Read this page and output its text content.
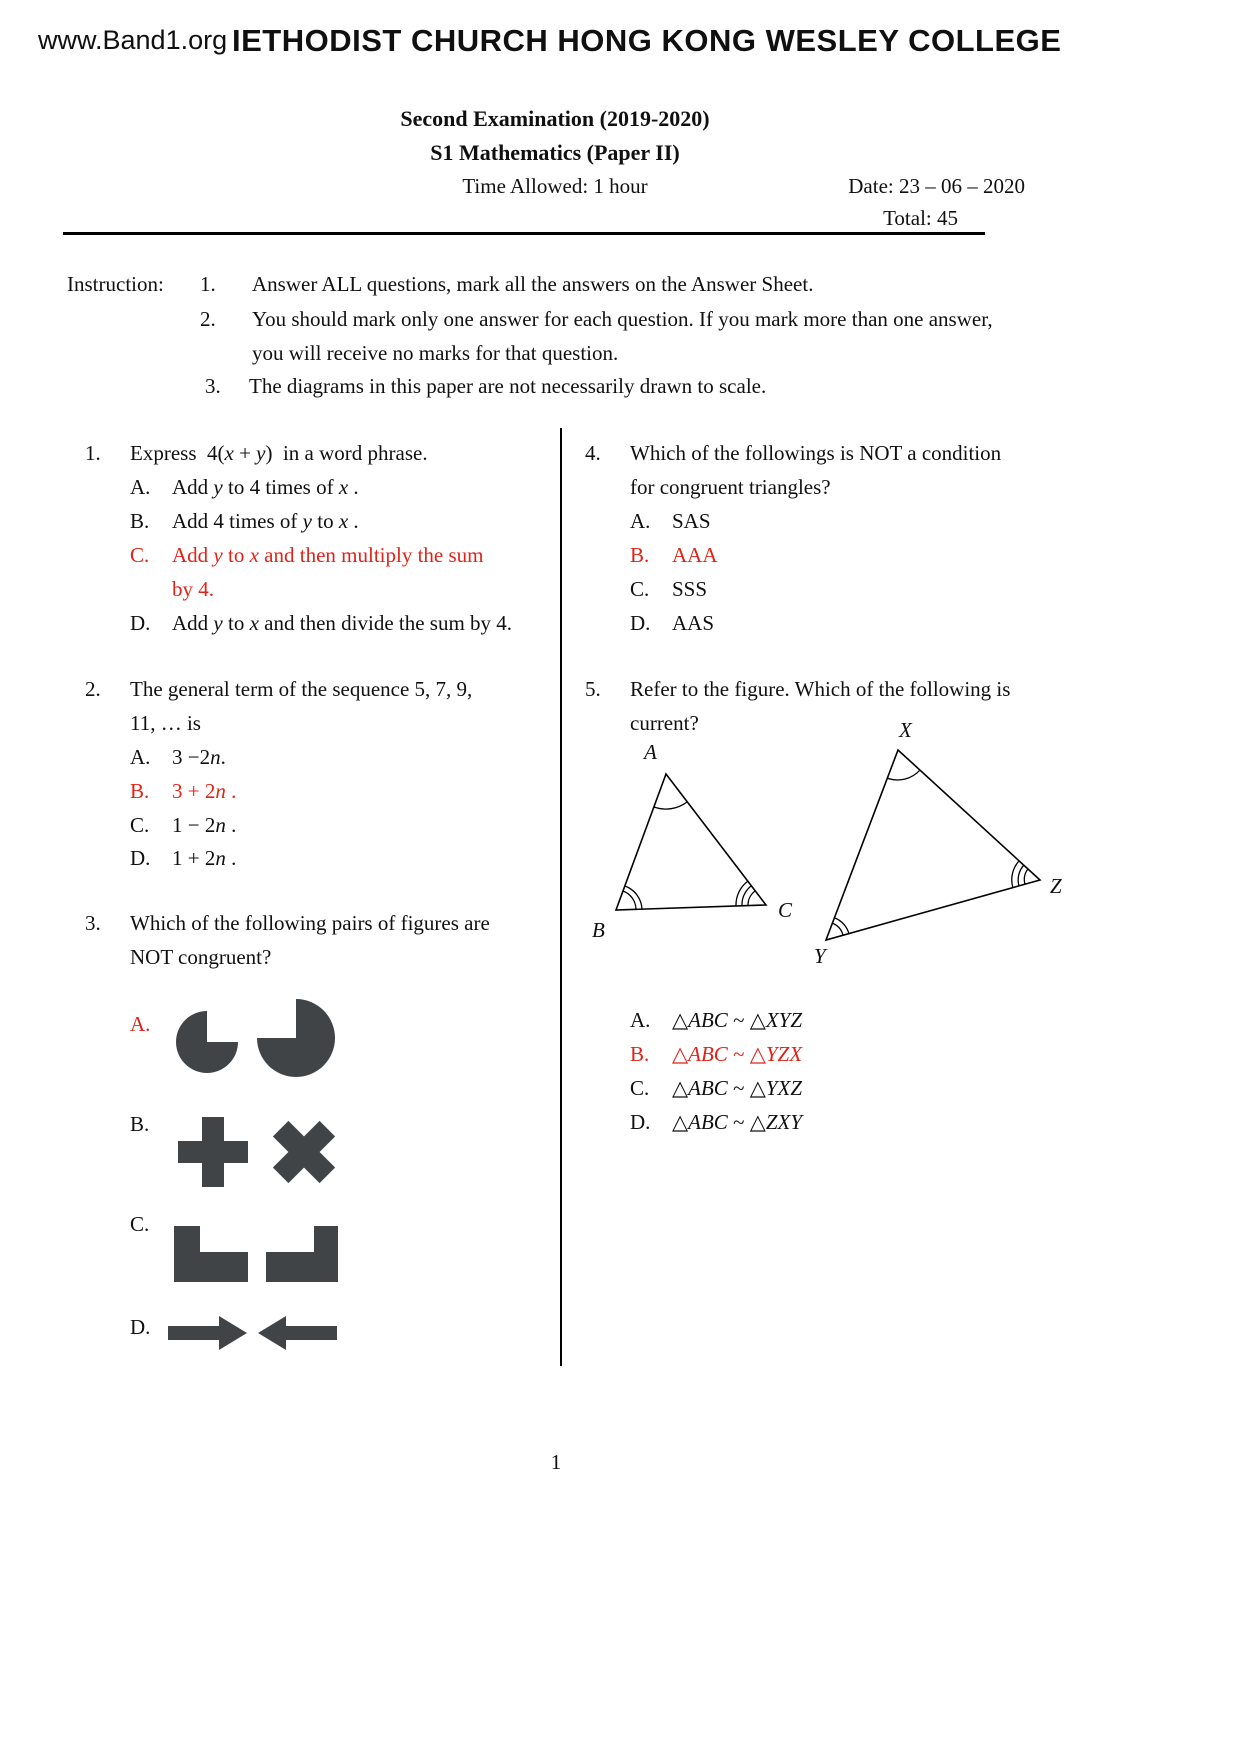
www.Band1.org IETHODIST CHURCH HONG KONG WESLEY COLLEGE
Second Examination (2019-2020)
S1 Mathematics (Paper II)
Time Allowed: 1 hour	Date: 23 – 06 – 2020
Total: 45
Instruction: 1. Answer ALL questions, mark all the answers on the Answer Sheet.
2. You should mark only one answer for each question. If you mark more than one answer,
you will receive no marks for that question.
3. The diagrams in this paper are not necessarily drawn to scale.
1. Express  4(x + y)  in a word phrase.
A. Add y to 4 times of x .
B. Add 4 times of y to x .
C. Add y to x and then multiply the sum
by 4.
D. Add y to x and then divide the sum by 4.
2. The general term of the sequence 5, 7, 9,
11, … is
A. 3 −2n.
B. 3 + 2n .
C. 1 − 2n .
D. 1 + 2n .
3. Which of the following pairs of figures are
NOT congruent?
A.
B.
C.
D.
4. Which of the followings is NOT a condition
for congruent triangles?
A. SAS
B. AAA
C. SSS
D. AAS
5. Refer to the figure. Which of the following is
current?
A
B
C
X
Y
Z
A. △ABC ~ △XYZ
B. △ABC ~ △YZX
C. △ABC ~ △YXZ
D. △ABC ~ △ZXY
1
